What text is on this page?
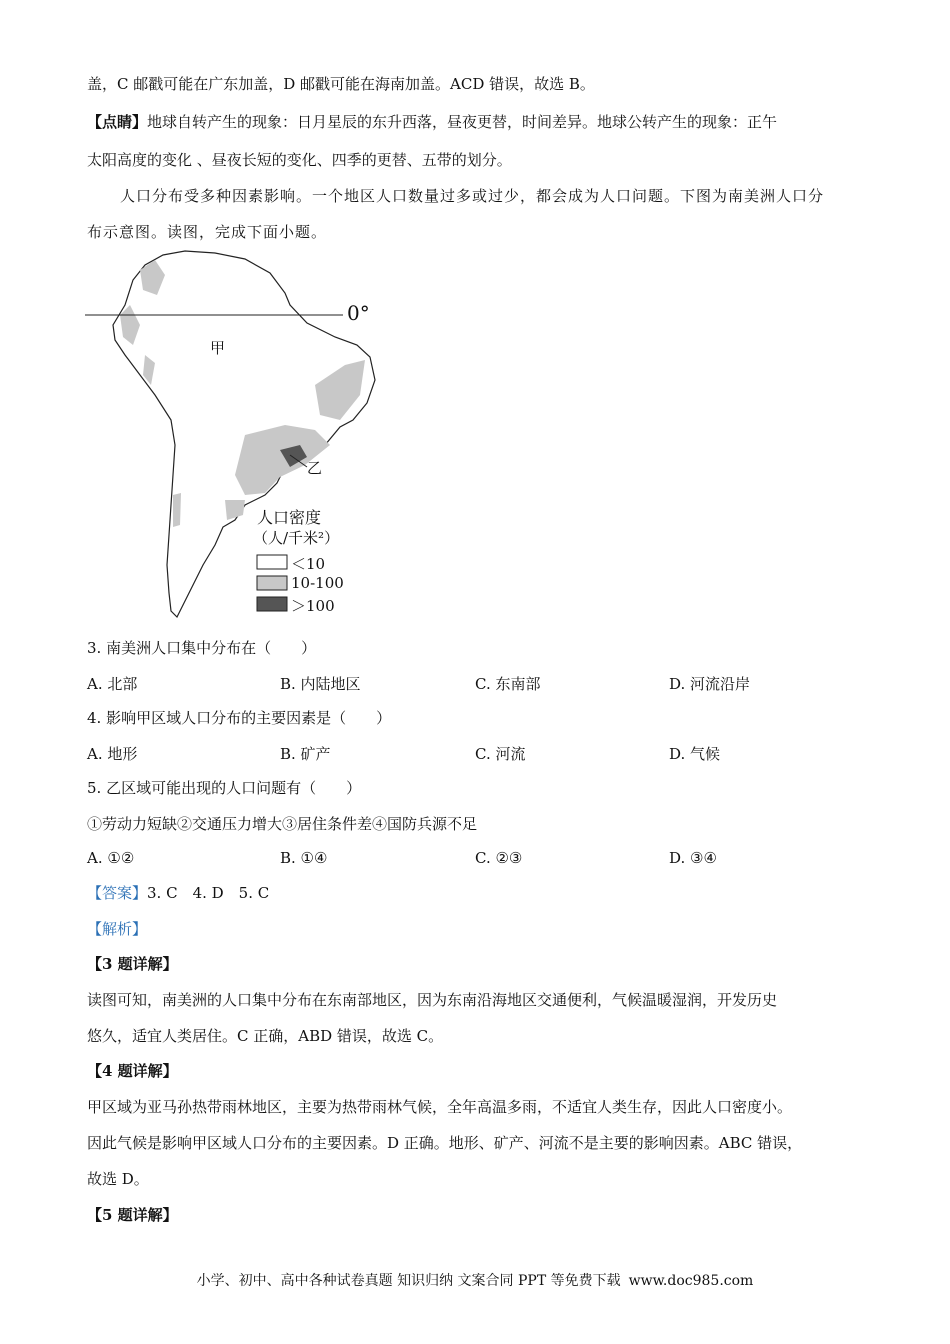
盖，C 邮戳可能在广东加盖，D 邮戳可能在海南加盖。ACD 错误，故选 B。
【点睛】地球自转产生的现象：日月星辰的东升西落，昼夜更替，时间差异。地球公转产生的现象：正午
太阳高度的变化 、昼夜长短的变化、四季的更替、五带的划分。
人口分布受多种因素影响。一个地区人口数量过多或过少，都会成为人口问题。下图为南美洲人口分
布示意图。读图，完成下面小题。
0°
甲
乙
人口密度
（人/千米²）
＜10
10-100
＞100
3. 南美洲人口集中分布在（　　）
A. 北部	B. 内陆地区	C. 东南部	D. 河流沿岸
4. 影响甲区域人口分布的主要因素是（　　）
A. 地形	B. 矿产	C. 河流	D. 气候
5. 乙区域可能出现的人口问题有（　　）
①劳动力短缺②交通压力增大③居住条件差④国防兵源不足
A. ①②	B. ①④	C. ②③	D. ③④
【答案】3. C　4. D　5. C
【解析】
【3 题详解】
读图可知，南美洲的人口集中分布在东南部地区，因为东南沿海地区交通便利，气候温暖湿润，开发历史
悠久，适宜人类居住。C 正确，ABD 错误，故选 C。
【4 题详解】
甲区域为亚马孙热带雨林地区，主要为热带雨林气候，全年高温多雨，不适宜人类生存，因此人口密度小。
因此气候是影响甲区域人口分布的主要因素。D 正确。地形、矿产、河流不是主要的影响因素。ABC 错误，
故选 D。
【5 题详解】
小学、初中、高中各种试卷真题 知识归纳 文案合同 PPT 等免费下载 www.doc985.com
